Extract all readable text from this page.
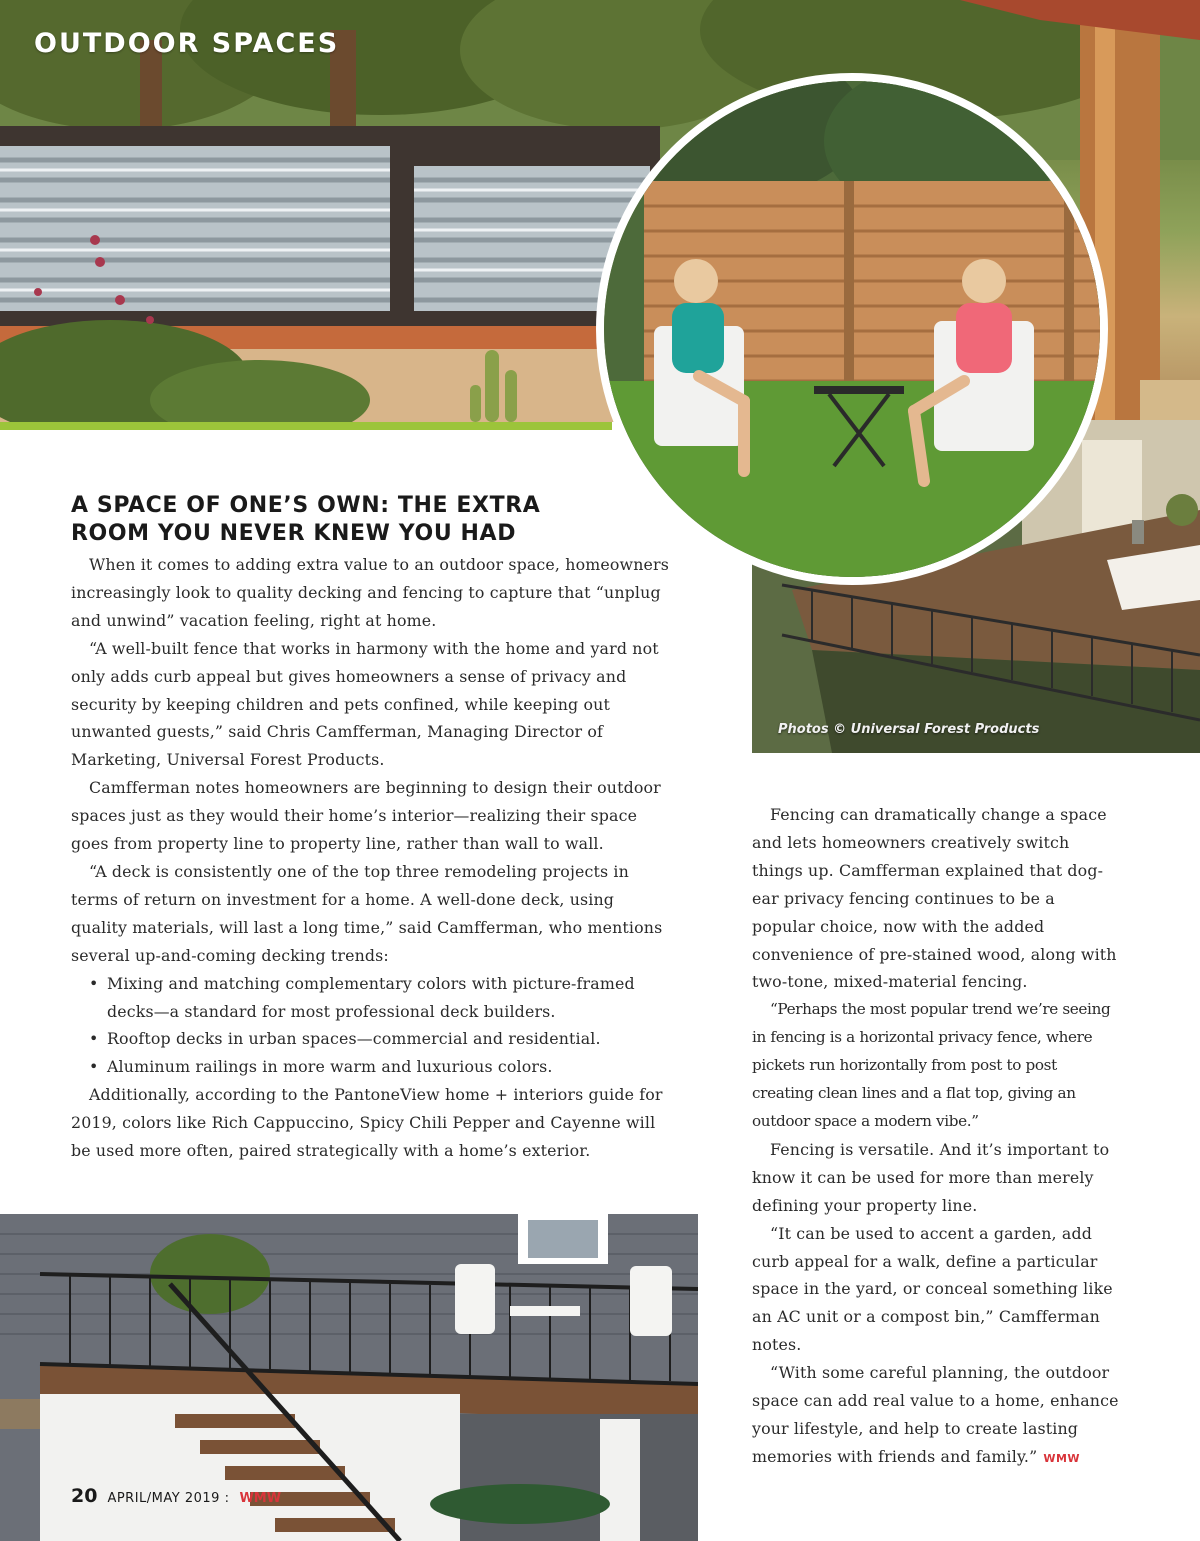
OUTDOOR SPACES
Photos © Universal Forest Products
A SPACE OF ONE’S OWN: THE EXTRA
ROOM YOU NEVER KNEW YOU HAD

When it comes to adding extra value to an outdoor space, homeowners increasingly look to quality decking and fencing to capture that “unplug and unwind” vacation feeling, right at home.

“A well-built fence that works in harmony with the home and yard not only adds curb appeal but gives homeowners a sense of privacy and security by keeping children and pets confined, while keeping out unwanted guests,” said Chris Camfferman, Managing Director of Marketing, Universal Forest Products.

Camfferman notes homeowners are beginning to design their outdoor spaces just as they would their home’s interior—realizing their space goes from property line to property line, rather than wall to wall.

“A deck is consistently one of the top three remodeling projects in terms of return on investment for a home. A well-done deck, using quality materials, will last a long time,” said Camfferman, who mentions several up-and-coming decking trends:

• Mixing and matching complementary colors with picture-framed decks—a standard for most professional deck builders.
• Rooftop decks in urban spaces—commercial and residential.
• Aluminum railings in more warm and luxurious colors.

Additionally, according to the PantoneView home + interiors guide for 2019, colors like Rich Cappuccino, Spicy Chili Pepper and Cayenne will be used more often, paired strategically with a home’s exterior.

Fencing can dramatically change a space and lets homeowners creatively switch things up. Camfferman explained that dog-ear privacy fencing continues to be a popular choice, now with the added convenience of pre-stained wood, along with two-tone, mixed-material fencing.

“Perhaps the most popular trend we’re seeing in fencing is a horizontal privacy fence, where pickets run horizontally from post to post creating clean lines and a flat top, giving an outdoor space a modern vibe.”

Fencing is versatile. And it’s important to know it can be used for more than merely defining your property line.

“It can be used to accent a garden, add curb appeal for a walk, define a particular space in the yard, or conceal something like an AC unit or a compost bin,” Camfferman notes.

“With some careful planning, the outdoor space can add real value to a home, enhance your lifestyle, and help to create lasting memories with friends and family.” WMW

20 APRIL/MAY 2019 : WMW
